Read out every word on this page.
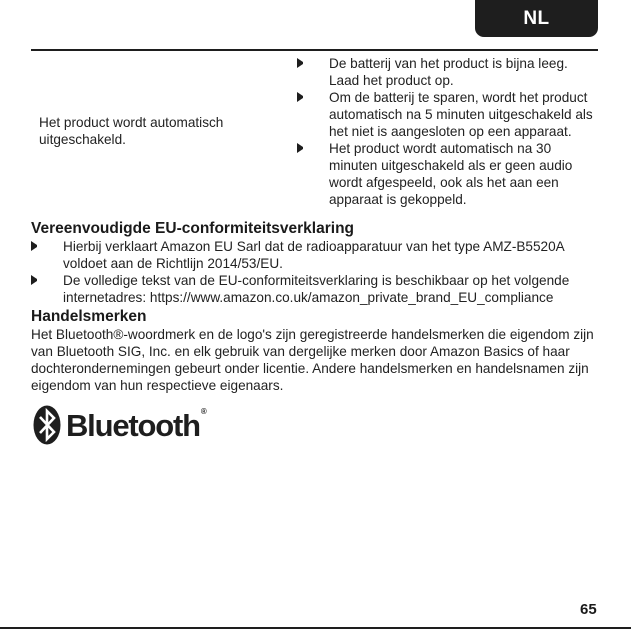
NL
Het product wordt automatisch uitgeschakeld.
De batterij van het product is bijna leeg. Laad het product op.
Om de batterij te sparen, wordt het product automatisch na 5 minuten uitgeschakeld als het niet is aangesloten op een apparaat.
Het product wordt automatisch na 30 minuten uitgeschakeld als er geen audio wordt afgespeeld, ook als het aan een apparaat is gekoppeld.
Vereenvoudigde EU-conformiteitsverklaring
Hierbij verklaart Amazon EU Sarl dat de radioapparatuur van het type AMZ-B5520A voldoet aan de Richtlijn 2014/53/EU.
De volledige tekst van de EU-conformiteitsverklaring is beschikbaar op het volgende internetadres: https://www.amazon.co.uk/amazon_private_brand_EU_compliance
Handelsmerken
Het Bluetooth®-woordmerk en de logo's zijn geregistreerde handelsmerken die eigendom zijn van Bluetooth SIG, Inc. en elk gebruik van dergelijke merken door Amazon Basics of haar dochterondernemingen gebeurt onder licentie. Andere handelsmerken en handelsnamen zijn eigendom van hun respectieve eigenaars.
Bluetooth®
65
